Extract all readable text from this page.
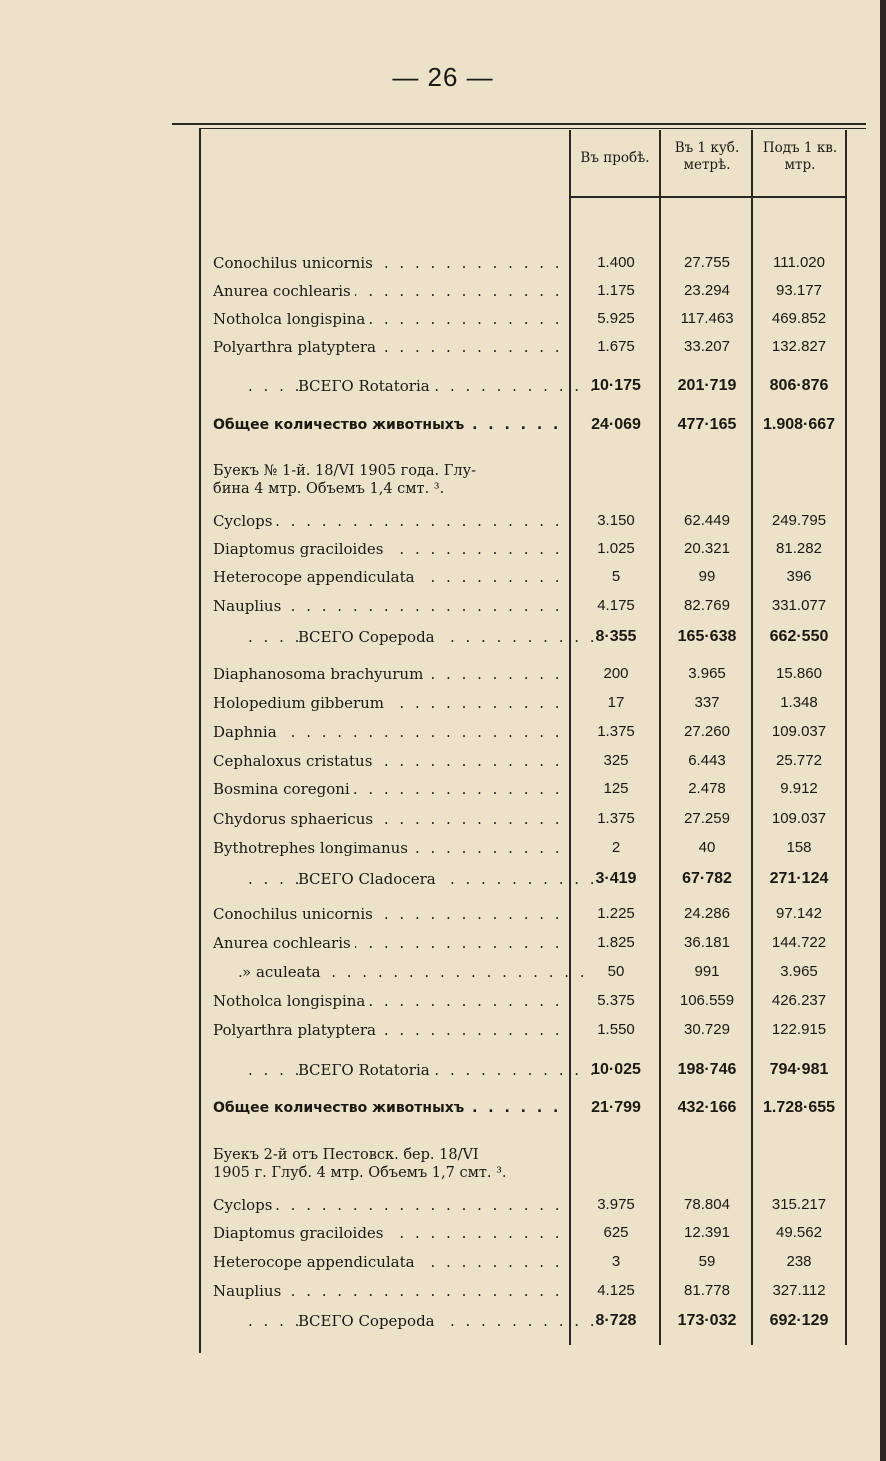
— 26 —
Въ пробѣ.
Въ 1 куб. метрѣ.
Подъ 1 кв. мтр.
Буекъ № 1-й. 18/VI 1905 года. Глу-
бина 4 мтр. Объемъ 1,4 смт. ³.
Буекъ 2-й отъ Пестовск. бер. 18/VI
1905 г. Глуб. 4 мтр. Объемъ 1,7 смт. ³.
. . .
Conochilus unicornis	1.400	27.755	111.020
. . .
Anurea cochlearis	1.175	23.294	93.177
. . .
Notholca longispina	5.925	117.463	469.852
. . .
Polyarthra platyptera	1.675	33.207	132.827
. . .
ВСЕГО Rotatoria	10·175	201·719	806·876
. . .
Общее количество животныхъ	24·069	477·165	1.908·667
. . .
Cyclops	3.150	62.449	249.795
. . .
Diaptomus graciloides	1.025	20.321	81.282
. . .
Heterocope appendiculata	5	99	396
. . .
Nauplius	4.175	82.769	331.077
. . .
ВСЕГО Copepoda	8·355	165·638	662·550
. . .
Diaphanosoma brachyurum	200	3.965	15.860
. . .
Holopedium gibberum	17	337	1.348
. . .
Daphnia	1.375	27.260	109.037
. . .
Cephaloxus cristatus	325	6.443	25.772
. . .
Bosmina coregoni	125	2.478	9.912
. . .
Chydorus sphaericus	1.375	27.259	109.037
. . .
Bythotrephes longimanus	2	40	158
. . .
ВСЕГО Cladocera	3·419	67·782	271·124
. . .
Conochilus unicornis	1.225	24.286	97.142
. . .
Anurea cochlearis	1.825	36.181	144.722
. . .
» aculeata	50	991	3.965
. . .
Notholca longispina	5.375	106.559	426.237
. . .
Polyarthra platyptera	1.550	30.729	122.915
. . .
ВСЕГО Rotatoria	10·025	198·746	794·981
. . .
Общее количество животныхъ	21·799	432·166	1.728·655
. . .
Cyclops	3.975	78.804	315.217
. . .
Diaptomus graciloides	625	12.391	49.562
. . .
Heterocope appendiculata	3	59	238
. . .
Nauplius	4.125	81.778	327.112
. . .
ВСЕГО Copepoda	8·728	173·032	692·129
